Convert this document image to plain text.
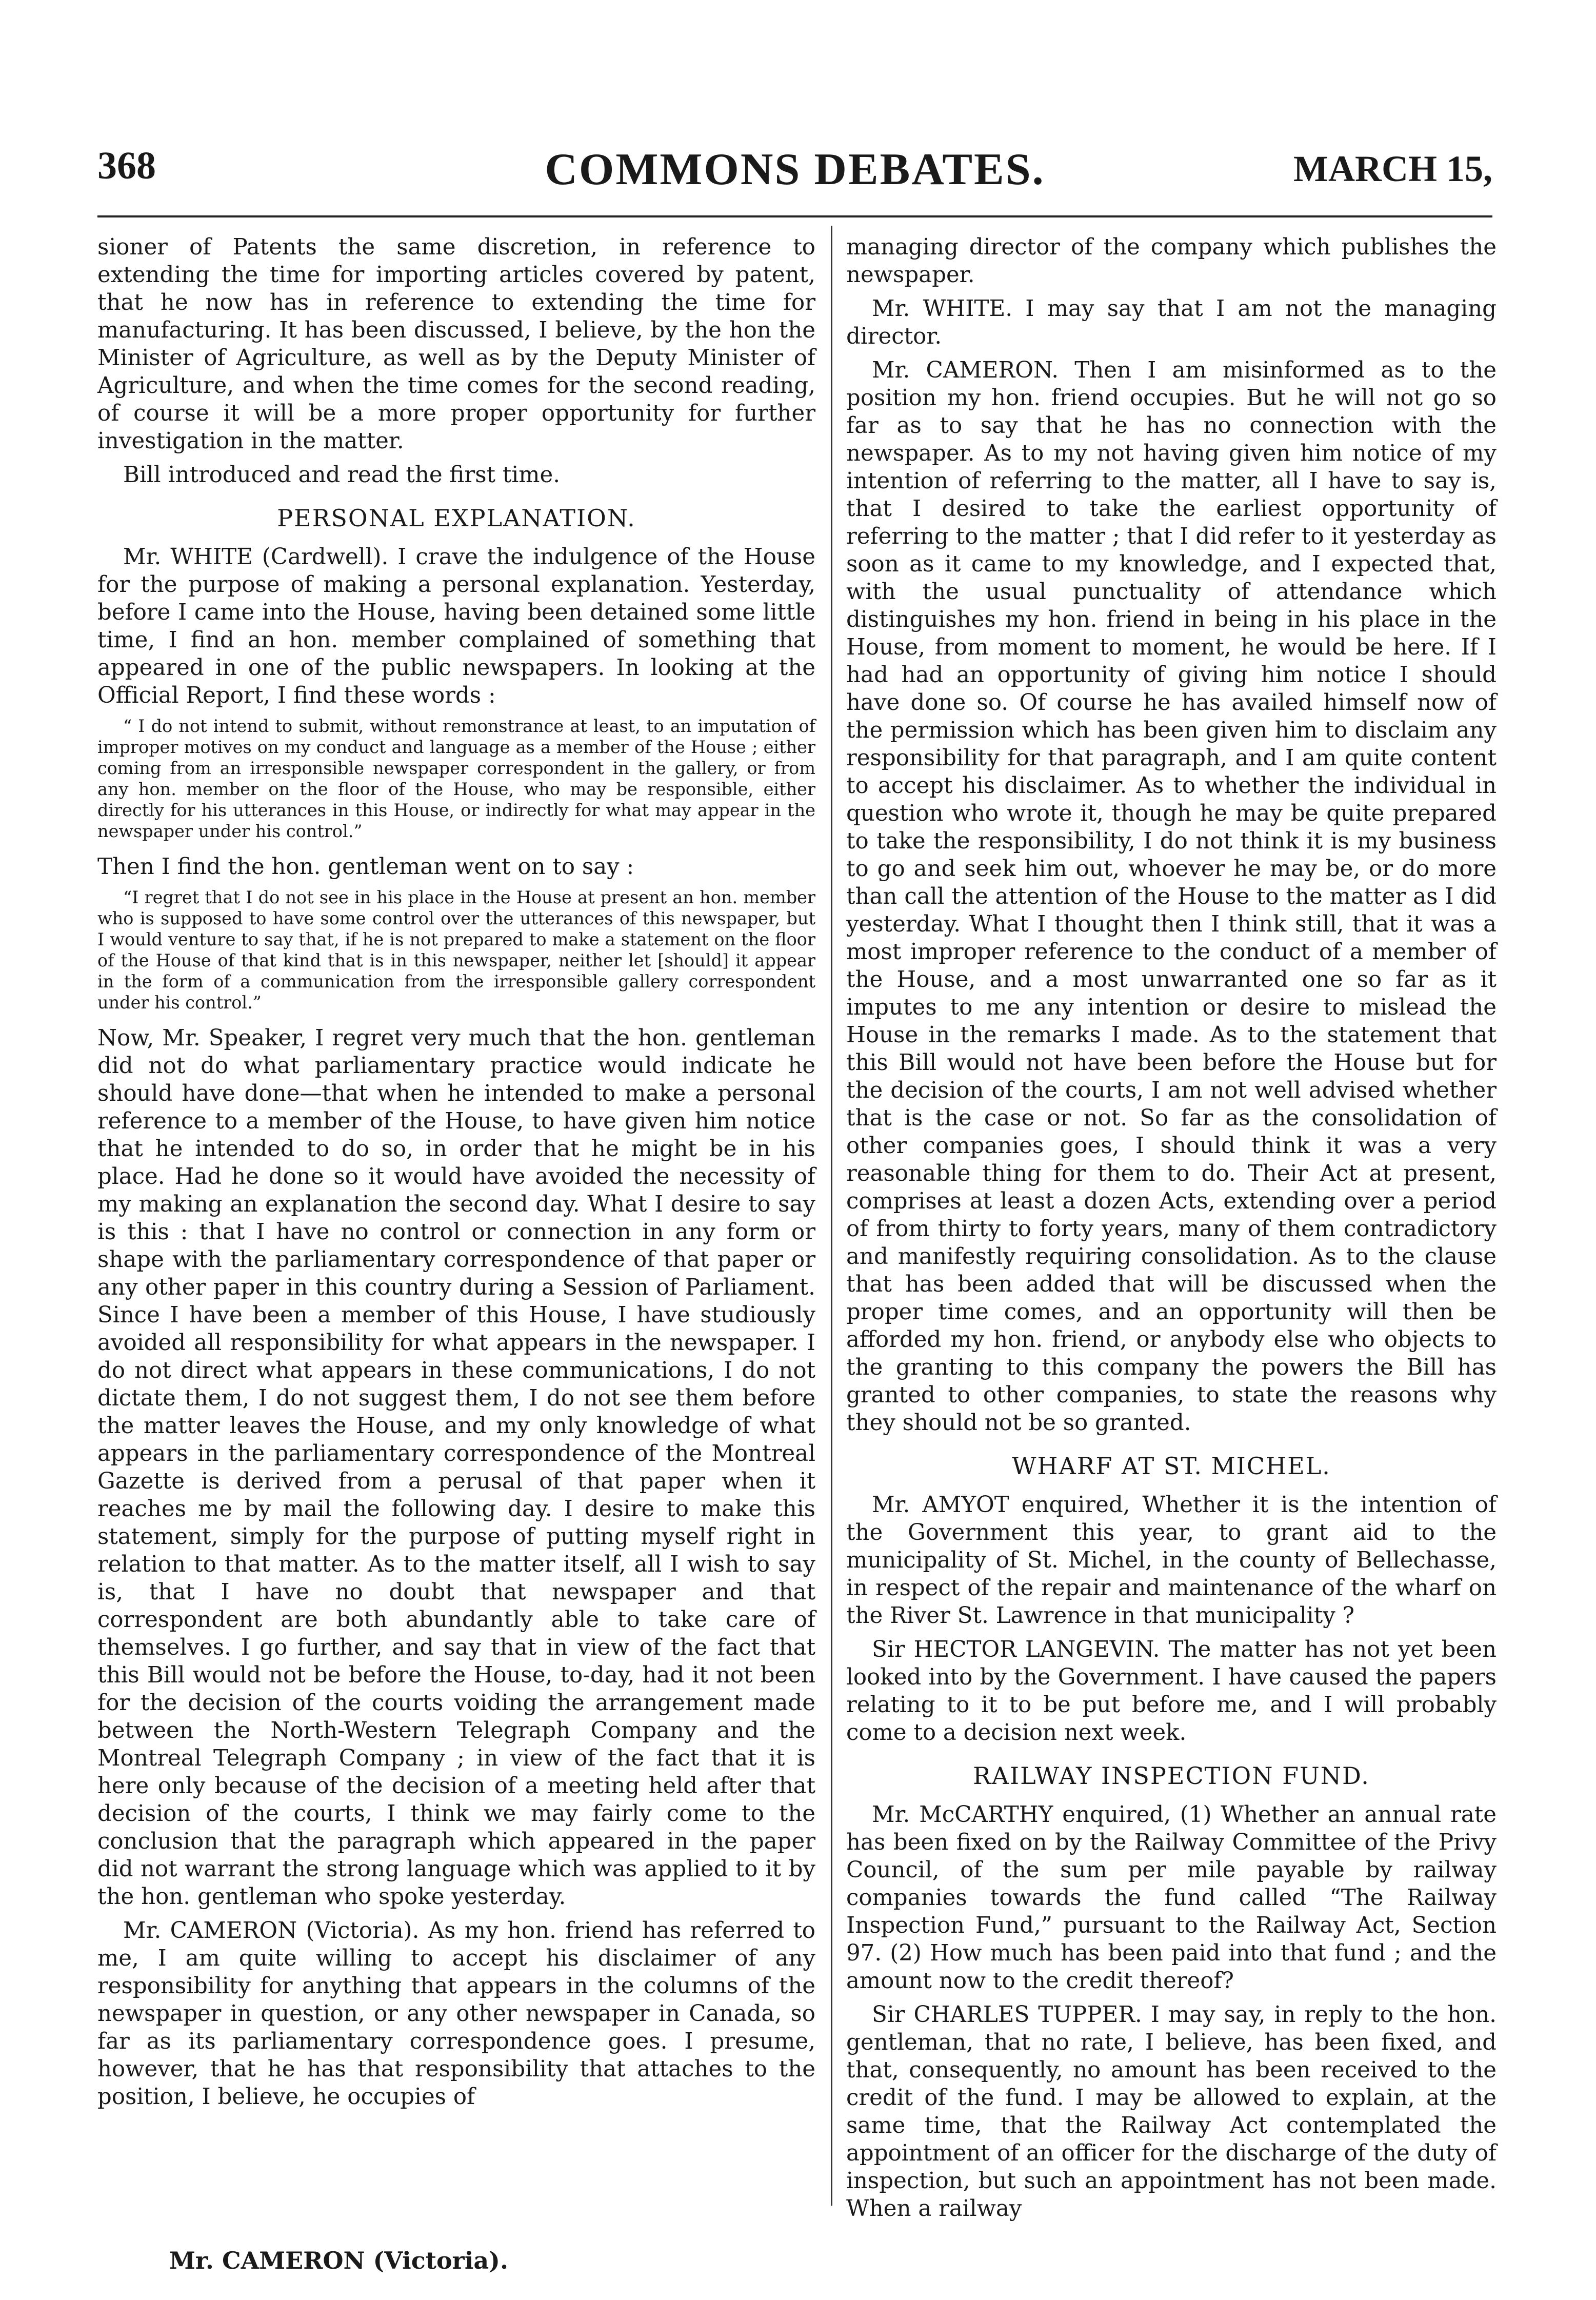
368	COMMONS DEBATES.	MARCH 15,

sioner of Patents the same discretion, in reference to extending the time for importing articles covered by patent, that he now has in reference to extending the time for manufacturing. It has been discussed, I believe, by the hon the Minister of Agriculture, as well as by the Deputy Minister of Agriculture, and when the time comes for the second reading, of course it will be a more proper opportunity for further investigation in the matter.

Bill introduced and read the first time.

PERSONAL EXPLANATION.

Mr. WHITE (Cardwell). I crave the indulgence of the House for the purpose of making a personal explanation. Yesterday, before I came into the House, having been detained some little time, I find an hon. member complained of something that appeared in one of the public newspapers. In looking at the Official Report, I find these words :

“ I do not intend to submit, without remonstrance at least, to an imputation of improper motives on my conduct and language as a member of the House ; either coming from an irresponsible newspaper correspondent in the gallery, or from any hon. member on the floor of the House, who may be responsible, either directly for his utterances in this House, or indirectly for what may appear in the newspaper under his control.”

Then I find the hon. gentleman went on to say :

“I regret that I do not see in his place in the House at present an hon. member who is supposed to have some control over the utterances of this newspaper, but I would venture to say that, if he is not prepared to make a statement on the floor of the House of that kind that is in this newspaper, neither let [should] it appear in the form of a communication from the irresponsible gallery correspondent under his control.”

Now, Mr. Speaker, I regret very much that the hon. gentleman did not do what parliamentary practice would indicate he should have done—that when he intended to make a personal reference to a member of the House, to have given him notice that he intended to do so, in order that he might be in his place. Had he done so it would have avoided the necessity of my making an explanation the second day. What I desire to say is this : that I have no control or connection in any form or shape with the parliamentary correspondence of that paper or any other paper in this country during a Session of Parliament. Since I have been a member of this House, I have studiously avoided all responsibility for what appears in the newspaper. I do not direct what appears in these communications, I do not dictate them, I do not suggest them, I do not see them before the matter leaves the House, and my only knowledge of what appears in the parliamentary correspondence of the Montreal Gazette is derived from a perusal of that paper when it reaches me by mail the following day. I desire to make this statement, simply for the purpose of putting myself right in relation to that matter. As to the matter itself, all I wish to say is, that I have no doubt that newspaper and that correspondent are both abundantly able to take care of themselves. I go further, and say that in view of the fact that this Bill would not be before the House, to-day, had it not been for the decision of the courts voiding the arrangement made between the North-Western Telegraph Company and the Montreal Telegraph Company ; in view of the fact that it is here only because of the decision of a meeting held after that decision of the courts, I think we may fairly come to the conclusion that the paragraph which appeared in the paper did not warrant the strong language which was applied to it by the hon. gentleman who spoke yesterday.

Mr. CAMERON (Victoria). As my hon. friend has referred to me, I am quite willing to accept his disclaimer of any responsibility for anything that appears in the columns of the newspaper in question, or any other newspaper in Canada, so far as its parliamentary correspondence goes. I presume, however, that he has that responsibility that attaches to the position, I believe, he occupies of

managing director of the company which publishes the newspaper.

Mr. WHITE. I may say that I am not the managing director.

Mr. CAMERON. Then I am misinformed as to the position my hon. friend occupies. But he will not go so far as to say that he has no connection with the newspaper. As to my not having given him notice of my intention of referring to the matter, all I have to say is, that I desired to take the earliest opportunity of referring to the matter ; that I did refer to it yesterday as soon as it came to my knowledge, and I expected that, with the usual punctuality of attendance which distinguishes my hon. friend in being in his place in the House, from moment to moment, he would be here. If I had had an opportunity of giving him notice I should have done so. Of course he has availed himself now of the permission which has been given him to disclaim any responsibility for that paragraph, and I am quite content to accept his disclaimer. As to whether the individual in question who wrote it, though he may be quite prepared to take the responsibility, I do not think it is my business to go and seek him out, whoever he may be, or do more than call the attention of the House to the matter as I did yesterday. What I thought then I think still, that it was a most improper reference to the conduct of a member of the House, and a most unwarranted one so far as it imputes to me any intention or desire to mislead the House in the remarks I made. As to the statement that this Bill would not have been before the House but for the decision of the courts, I am not well advised whether that is the case or not. So far as the consolidation of other companies goes, I should think it was a very reasonable thing for them to do. Their Act at present, comprises at least a dozen Acts, extending over a period of from thirty to forty years, many of them contradictory and manifestly requiring consolidation. As to the clause that has been added that will be discussed when the proper time comes, and an opportunity will then be afforded my hon. friend, or anybody else who objects to the granting to this company the powers the Bill has granted to other companies, to state the reasons why they should not be so granted.

WHARF AT ST. MICHEL.

Mr. AMYOT enquired, Whether it is the intention of the Government this year, to grant aid to the municipality of St. Michel, in the county of Bellechasse, in respect of the repair and maintenance of the wharf on the River St. Lawrence in that municipality ?

Sir HECTOR LANGEVIN. The matter has not yet been looked into by the Government. I have caused the papers relating to it to be put before me, and I will probably come to a decision next week.

RAILWAY INSPECTION FUND.

Mr. McCARTHY enquired, (1) Whether an annual rate has been fixed on by the Railway Committee of the Privy Council, of the sum per mile payable by railway companies towards the fund called “The Railway Inspection Fund,” pursuant to the Railway Act, Section 97. (2) How much has been paid into that fund ; and the amount now to the credit thereof?

Sir CHARLES TUPPER. I may say, in reply to the hon. gentleman, that no rate, I believe, has been fixed, and that, consequently, no amount has been received to the credit of the fund. I may be allowed to explain, at the same time, that the Railway Act contemplated the appointment of an officer for the discharge of the duty of inspection, but such an appointment has not been made. When a railway

Mr. CAMERON (Victoria).
